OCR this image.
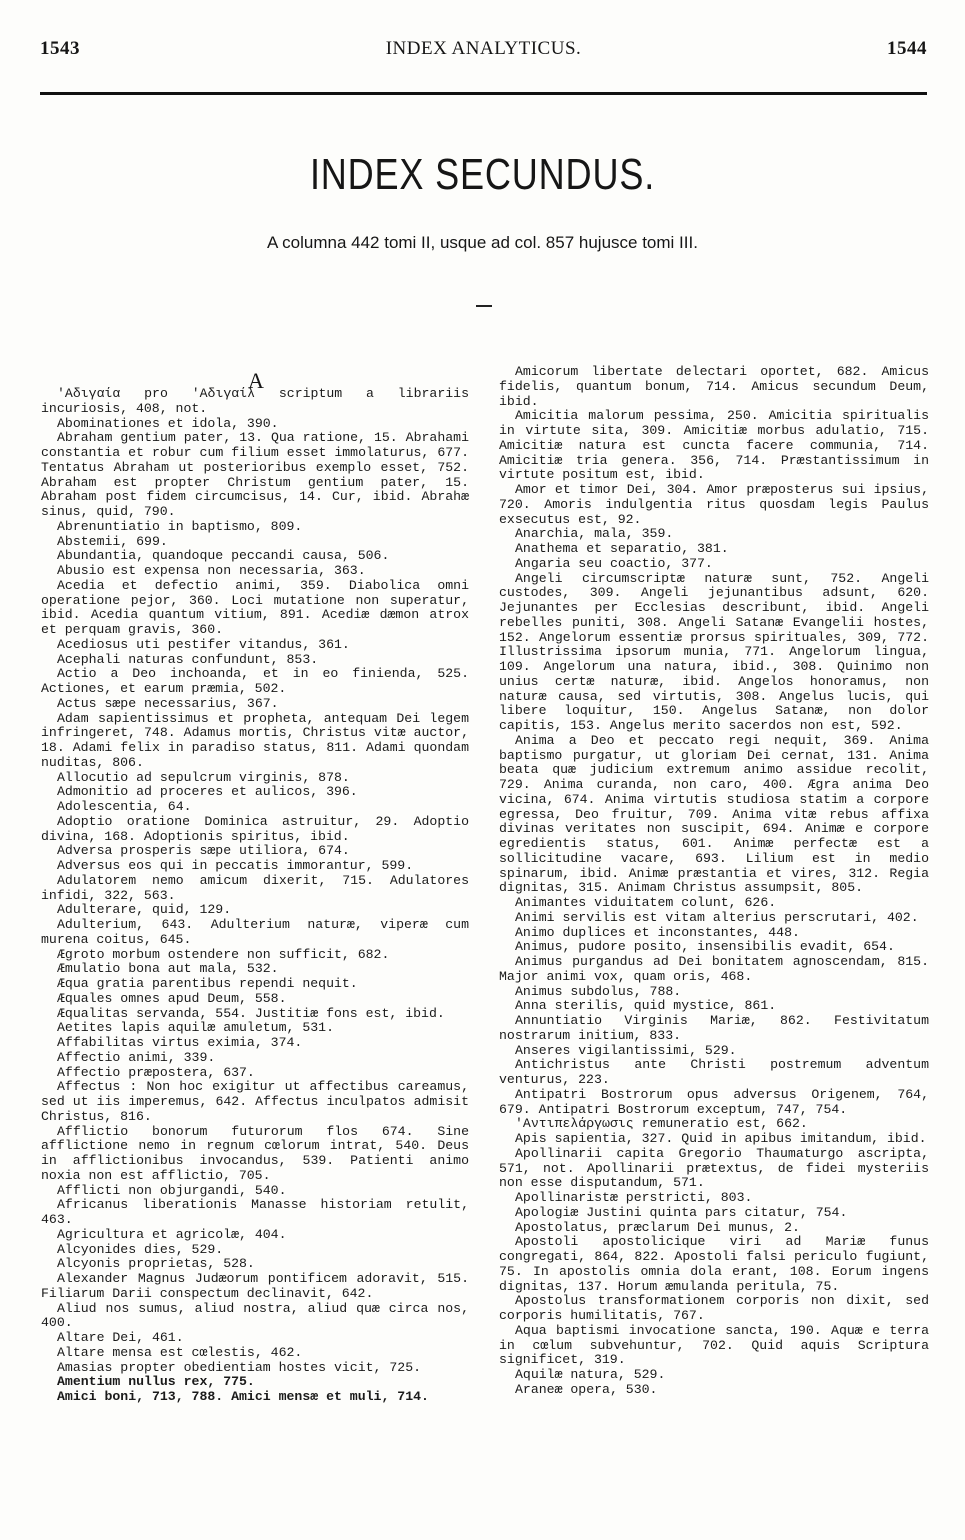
INDEX ANALYTICUS.
1543	1544
INDEX SECUNDUS.
A columna 442 tomi II, usque ad col. 857 hujusce tomi III.
A
'Αδιγαία pro 'Αδιγαίλ scriptum a librariis incuriosis, 408, not.
Abominationes et idola, 390.
Abraham gentium pater, 13. Qua ratione, 15. Abrahami constantia et robur cum filium esset immolaturus, 677. Tentatus Abraham ut posterioribus exemplo esset, 752. Abraham est propter Christum gentium pater, 15. Abraham post fidem circumcisus, 14. Cur, ibid. Abrahæ sinus, quid, 790.
Abrenuntiatio in baptismo, 809.
Abstemii, 699.
Abundantia, quandoque peccandi causa, 506.
Abusio est expensa non necessaria, 363.
Acedia et defectio animi, 359. Diabolica omni operatione pejor, 360. Loci mutatione non superatur, ibid. Acedia quantum vitium, 891. Acediæ dæmon atrox et perquam gravis, 360.
Acediosus uti pestifer vitandus, 361.
Acephali naturas confundunt, 853.
Actio a Deo inchoanda, et in eo finienda, 525. Actiones, et earum præmia, 502.
Actus sæpe necessarius, 367.
Adam sapientissimus et propheta, antequam Dei legem infringeret, 748. Adamus mortis, Christus vitæ auctor, 18. Adami felix in paradiso status, 811. Adami quondam nuditas, 806.
Allocutio ad sepulcrum virginis, 878.
Admonitio ad proceres et aulicos, 396.
Adolescentia, 64.
Adoptio oratione Dominica astruitur, 29. Adoptio divina, 168. Adoptionis spiritus, ibid.
Adversa prosperis sæpe utiliora, 674.
Adversus eos qui in peccatis immorantur, 599.
Adulatorem nemo amicum dixerit, 715. Adulatores infidi, 322, 563.
Adulterare, quid, 129.
Adulterium, 643. Adulterium naturæ, viperæ cum murena coitus, 645.
Ægroto morbum ostendere non sufficit, 682.
Æmulatio bona aut mala, 532.
Æqua gratia parentibus rependi nequit.
Æquales omnes apud Deum, 558.
Æqualitas servanda, 554. Justitiæ fons est, ibid.
Aetites lapis aquilæ amuletum, 531.
Affabilitas virtus eximia, 374.
Affectio animi, 339.
Affectio præpostera, 637.
Affectus : Non hoc exigitur ut affectibus careamus, sed ut iis imperemus, 642. Affectus inculpatos admisit Christus, 816.
Afflictio bonorum futurorum flos 674. Sine afflictione nemo in regnum cœlorum intrat, 540. Deus in afflictionibus invocandus, 539. Patienti animo noxia non est afflictio, 705.
Afflicti non objurgandi, 540.
Africanus liberationis Manasse historiam retulit, 463.
Agricultura et agricolæ, 404.
Alcyonides dies, 529.
Alcyonis proprietas, 528.
Alexander Magnus Judæorum pontificem adoravit, 515. Filiarum Darii conspectum declinavit, 642.
Aliud nos sumus, aliud nostra, aliud quæ circa nos, 400.
Altare Dei, 461.
Altare mensa est cœlestis, 462.
Amasias propter obedientiam hostes vicit, 725.
Amentium nullus rex, 775.
Amici boni, 713, 788. Amici mensæ et muli, 714.
Amicorum libertate delectari oportet, 682. Amicus fidelis, quantum bonum, 714. Amicus secundum Deum, ibid.
Amicitia malorum pessima, 250. Amicitia spiritualis in virtute sita, 309. Amicitiæ morbus adulatio, 715. Amicitiæ natura est cuncta facere communia, 714. Amicitiæ tria genera. 356, 714. Præstantissimum in virtute positum est, ibid.
Amor et timor Dei, 304. Amor præposterus sui ipsius, 720. Amoris indulgentia ritus quosdam legis Paulus exsecutus est, 92.
Anarchia, mala, 359.
Anathema et separatio, 381.
Angaria seu coactio, 377.
Angeli circumscriptæ naturæ sunt, 752. Angeli custodes, 309. Angeli jejunantibus adsunt, 620. Jejunantes per Ecclesias describunt, ibid. Angeli rebelles puniti, 308. Angeli Satanæ Evangelii hostes, 152. Angelorum essentiæ prorsus spirituales, 309, 772. Illustrissima ipsorum munia, 771. Angelorum lingua, 109. Angelorum una natura, ibid., 308. Quinimo non unius certæ naturæ, ibid. Angelos honoramus, non naturæ causa, sed virtutis, 308. Angelus lucis, qui libere loquitur, 150. Angelus Satanæ, non dolor capitis, 153. Angelus merito sacerdos non est, 592.
Anima a Deo et peccato regi nequit, 369. Anima baptismo purgatur, ut gloriam Dei cernat, 131. Anima beata quæ judicium extremum animo assidue recolit, 729. Anima curanda, non caro, 400. Ægra anima Deo vicina, 674. Anima virtutis studiosa statim a corpore egressa, Deo fruitur, 709. Anima vitæ rebus affixa divinas veritates non suscipit, 694. Animæ e corpore egredientis status, 601. Animæ perfectæ est a sollicitudine vacare, 693. Lilium est in medio spinarum, ibid. Animæ præstantia et vires, 312. Regia dignitas, 315. Animam Christus assumpsit, 805.
Animantes viduitatem colunt, 626.
Animi servilis est vitam alterius perscrutari, 402.
Animo duplices et inconstantes, 448.
Animus, pudore posito, insensibilis evadit, 654.
Animus purgandus ad Dei bonitatem agnoscendam, 815. Major animi vox, quam oris, 468.
Animus subdolus, 788.
Anna sterilis, quid mystice, 861.
Annuntiatio Virginis Mariæ, 862. Festivitatum nostrarum initium, 833.
Anseres vigilantissimi, 529.
Antichristus ante Christi postremum adventum venturus, 223.
Antipatri Bostrorum opus adversus Origenem, 764, 679. Antipatri Bostrorum exceptum, 747, 754.
'Αντιπελάργωσις remuneratio est, 662.
Apis sapientia, 327. Quid in apibus imitandum, ibid.
Apollinarii capita Gregorio Thaumaturgo ascripta, 571, not. Apollinarii prætextus, de fidei mysteriis non esse disputandum, 571.
Apollinaristæ perstricti, 803.
Apologiæ Justini quinta pars citatur, 754.
Apostolatus, præclarum Dei munus, 2.
Apostoli apostolicique viri ad Mariæ funus congregati, 864, 822. Apostoli falsi periculo fugiunt, 75. In apostolis omnia dola erant, 108. Eorum ingens dignitas, 137. Horum æmulanda peritula, 75.
Apostolus transformationem corporis non dixit, sed corporis humilitatis, 767.
Aqua baptismi invocatione sancta, 190. Aquæ e terra in cœlum subvehuntur, 702. Quid aquis Scriptura significet, 319.
Aquilæ natura, 529.
Araneæ opera, 530.
